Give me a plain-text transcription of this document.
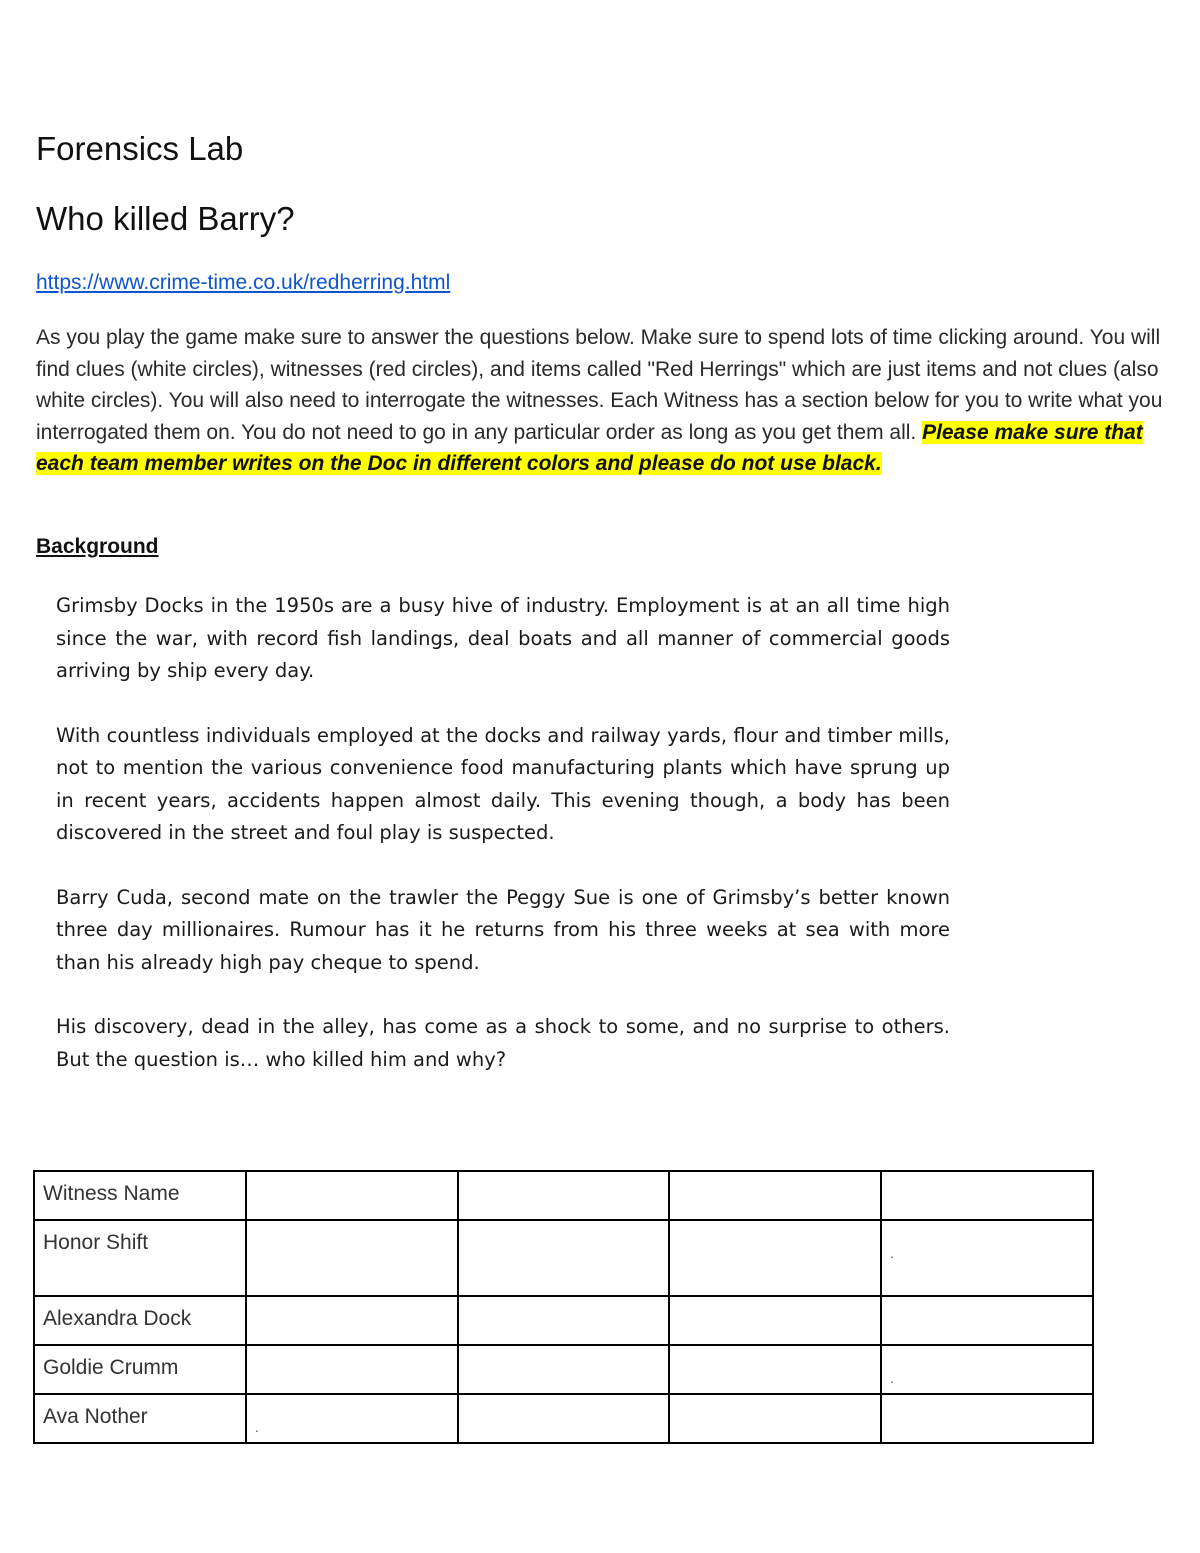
Forensics Lab
Who killed Barry?
https://www.crime-time.co.uk/redherring.html

As you play the game make sure to answer the questions below. Make sure to spend lots of time clicking around. You will find clues (white circles), witnesses (red circles), and items called "Red Herrings" which are just items and not clues (also white circles). You will also need to interrogate the witnesses. Each Witness has a section below for you to write what you interrogated them on. You do not need to go in any particular order as long as you get them all. Please make sure that each team member writes on the Doc in different colors and please do not use black.

Background

Grimsby Docks in the 1950s are a busy hive of industry. Employment is at an all time high since the war, with record fish landings, deal boats and all manner of commercial goods arriving by ship every day.

With countless individuals employed at the docks and railway yards, flour and timber mills, not to mention the various convenience food manufacturing plants which have sprung up in recent years, accidents happen almost daily. This evening though, a body has been discovered in the street and foul play is suspected.

Barry Cuda, second mate on the trawler the Peggy Sue is one of Grimsby’s better known three day millionaires. Rumour has it he returns from his three weeks at sea with more than his already high pay cheque to spend.

His discovery, dead in the alley, has come as a shock to some, and no surprise to others. But the question is… who killed him and why?

Witness Name				
Honor Shift				.
Alexandra Dock				
Goldie Crumm				.
Ava Nother	.			
